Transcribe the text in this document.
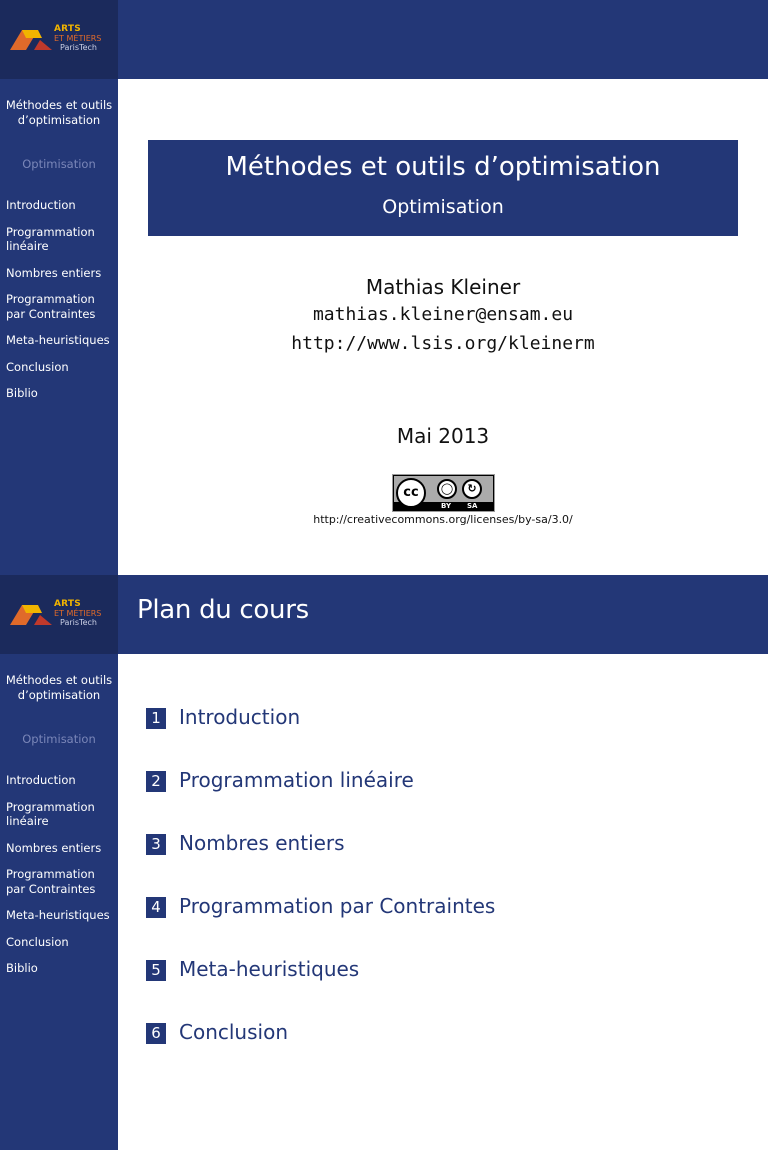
ARTS
ET MÉTIERS
ParisTech
Méthodes et outils d’optimisation
Optimisation
Introduction
Programmation linéaire
Nombres entiers
Programmation par Contraintes
Meta-heuristiques
Conclusion
Biblio
Méthodes et outils d’optimisation
Optimisation
Mathias Kleiner
mathias.kleiner@ensam.eu
http://www.lsis.org/kleinerm
Mai 2013
cc	◯	↻
BY SA
http://creativecommons.org/licenses/by-sa/3.0/
ARTS
ET MÉTIERS
ParisTech Plan du cours
Méthodes et outils d’optimisation
Optimisation
Introduction
Programmation linéaire
Nombres entiers
Programmation par Contraintes
Meta-heuristiques
Conclusion
Biblio
1 Introduction
2 Programmation linéaire
3 Nombres entiers
4 Programmation par Contraintes
5 Meta-heuristiques
6 Conclusion
